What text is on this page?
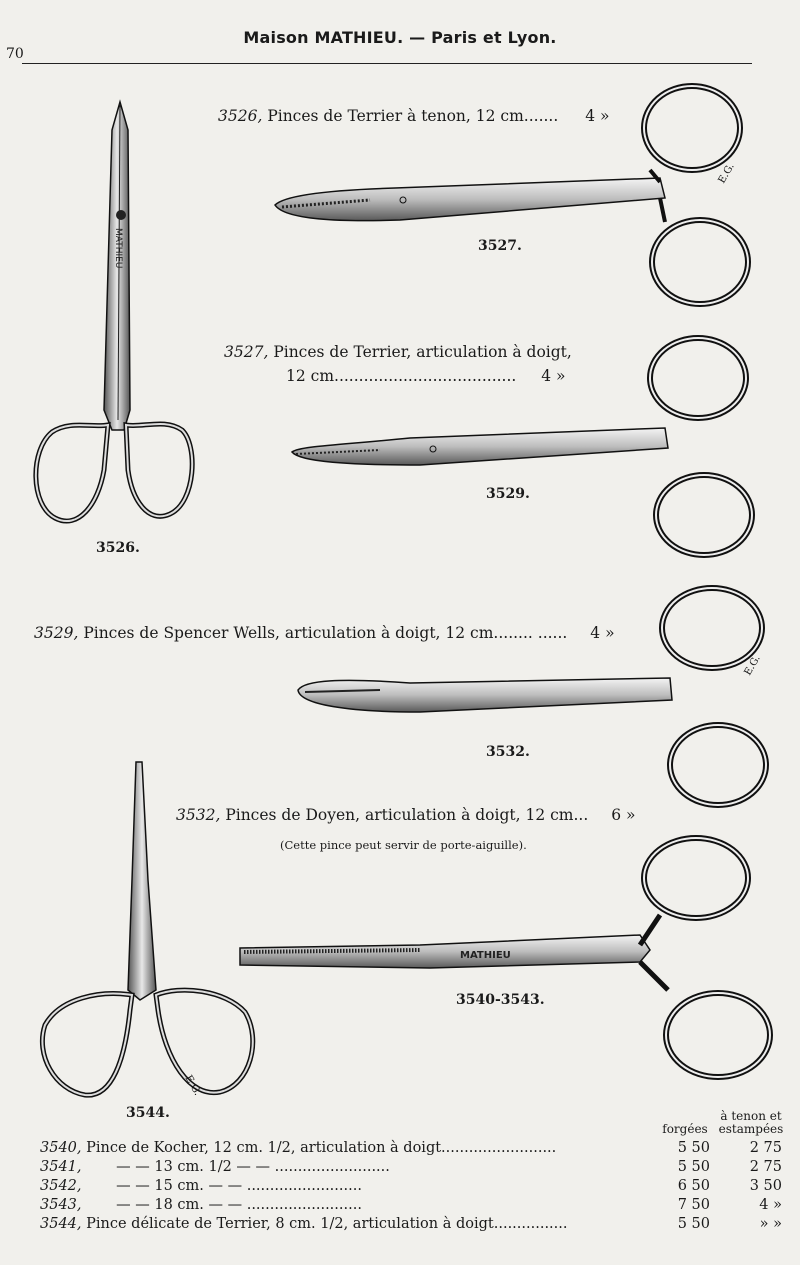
70
Maison MATHIEU. — Paris et Lyon.
MATHIEU
MATHIEU
3526, Pinces de Terrier à tenon, 12 cm....... 4 »
3527, Pinces de Terrier, articulation à doigt,
12 cm..................................... 4 »
3529, Pinces de Spencer Wells, articulation à doigt, 12 cm........ ...... 4 »
3532, Pinces de Doyen, articulation à doigt, 12 cm... 6 »
(Cette pince peut servir de porte-aiguille).
3527.
3529.
3526.
3532.
3540-3543.
3544.
E.G.
E.G.
E.G.
à tenon et
estampées
forgées
3540, Pince de Kocher, 12 cm. 1/2, articulation à doigt.........................	5 50	2 75
3541, — — 13 cm. 1/2 — — .........................	5 50	2 75
3542, — — 15 cm. — — .........................	6 50	3 50
3543, — — 18 cm. — — .........................	7 50	4 »
3544, Pince délicate de Terrier, 8 cm. 1/2, articulation à doigt................	5 50	» »
